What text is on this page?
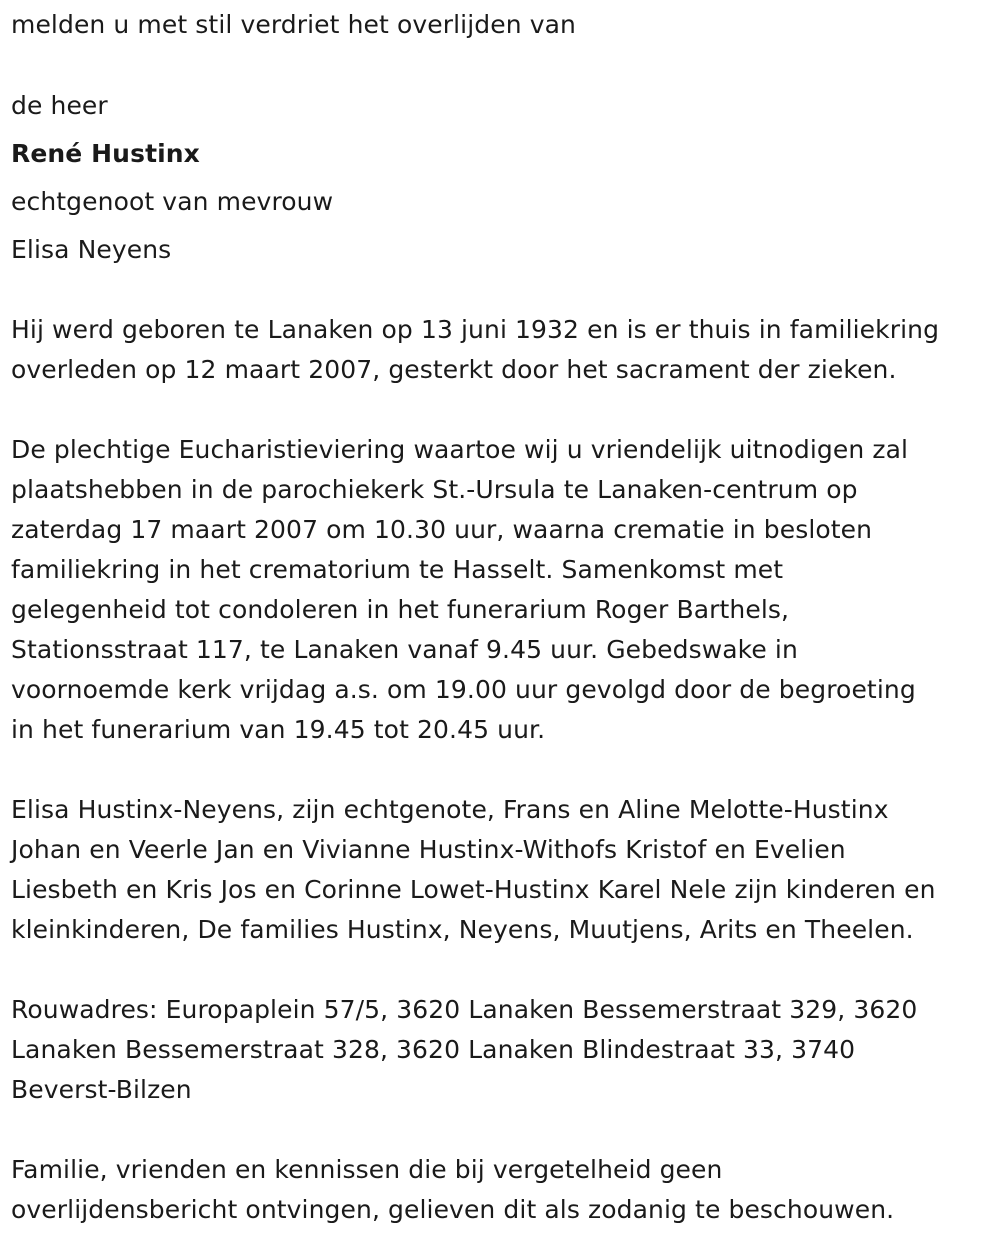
melden u met stil verdriet het overlijden van

de heer

René Hustinx

echtgenoot van mevrouw

Elisa Neyens

Hij werd geboren te Lanaken op 13 juni 1932 en is er thuis in familiekring
overleden op 12 maart 2007, gesterkt door het sacrament der zieken.
De plechtige Eucharistieviering waartoe wij u vriendelijk uitnodigen zal
plaatshebben in de parochiekerk St.-Ursula te Lanaken-centrum op
zaterdag 17 maart 2007 om 10.30 uur, waarna crematie in besloten
familiekring in het crematorium te Hasselt. Samenkomst met
gelegenheid tot condoleren in het funerarium Roger Barthels,
Stationsstraat 117, te Lanaken vanaf 9.45 uur. Gebedswake in
voornoemde kerk vrijdag a.s. om 19.00 uur gevolgd door de begroeting
in het funerarium van 19.45 tot 20.45 uur.
Elisa Hustinx-Neyens, zijn echtgenote, Frans en Aline Melotte-Hustinx
Johan en Veerle Jan en Vivianne Hustinx-Withofs Kristof en Evelien
Liesbeth en Kris Jos en Corinne Lowet-Hustinx Karel Nele zijn kinderen en
kleinkinderen, De families Hustinx, Neyens, Muutjens, Arits en Theelen.
Rouwadres: Europaplein 57/5, 3620 Lanaken Bessemerstraat 329, 3620
Lanaken Bessemerstraat 328, 3620 Lanaken Blindestraat 33, 3740
Beverst-Bilzen
Familie, vrienden en kennissen die bij vergetelheid geen
overlijdensbericht ontvingen, gelieven dit als zodanig te beschouwen.
